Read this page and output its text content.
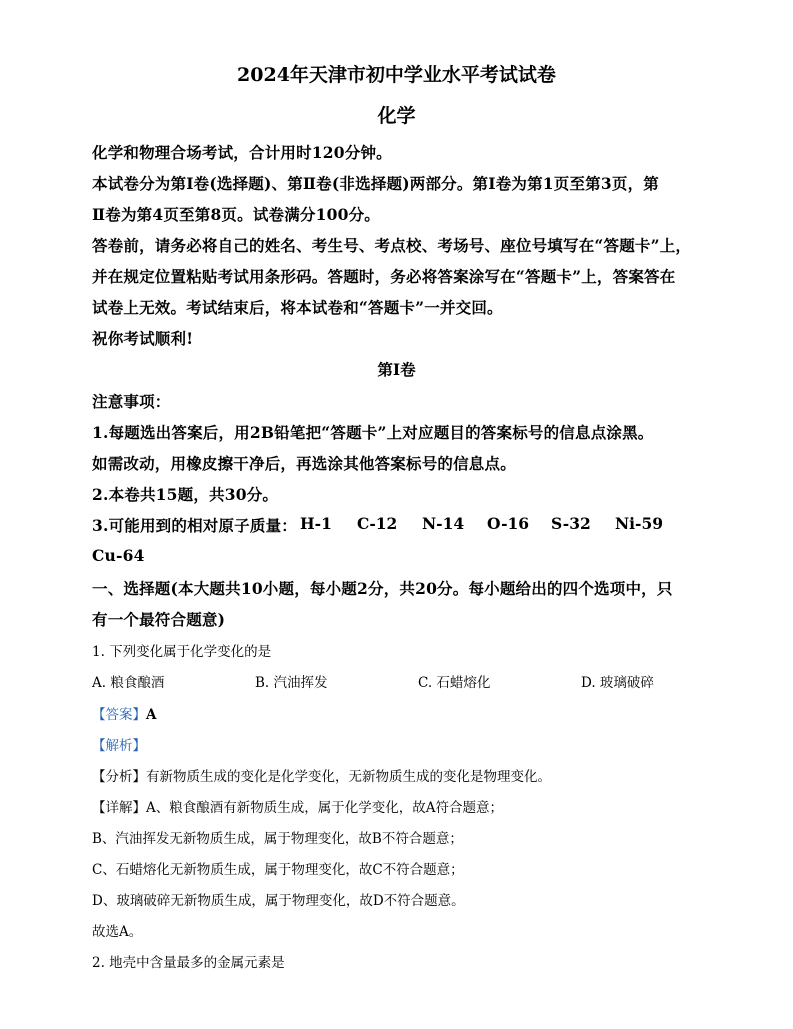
2024年天津市初中学业水平考试试卷
化学
化学和物理合场考试，合计用时120分钟。
本试卷分为第Ⅰ卷(选择题)、第Ⅱ卷(非选择题)两部分。第Ⅰ卷为第1页至第3页，第
Ⅱ卷为第4页至第8页。试卷满分100分。
答卷前，请务必将自己的姓名、考生号、考点校、考场号、座位号填写在“答题卡”上，
并在规定位置粘贴考试用条形码。答题时，务必将答案涂写在“答题卡”上，答案答在
试卷上无效。考试结束后，将本试卷和“答题卡”一并交回。
祝你考试顺利!
第Ⅰ卷
注意事项：
1.每题选出答案后，用2B铅笔把“答题卡”上对应题目的答案标号的信息点涂黑。
如需改动，用橡皮擦干净后，再选涂其他答案标号的信息点。
2.本卷共15题，共30分。
3.可能用到的相对原子质量： H-1 C-12 N-14 O-16 S-32 Ni-59
Cu-64
一、选择题(本大题共10小题，每小题2分，共20分。每小题给出的四个选项中，只
有一个最符合题意)
1. 下列变化属于化学变化的是
A. 粮食酿酒	B. 汽油挥发	C. 石蜡熔化	D. 玻璃破碎
【答案】A
【解析】
【分析】有新物质生成的变化是化学变化，无新物质生成的变化是物理变化。
【详解】A、粮食酿酒有新物质生成，属于化学变化，故A符合题意；
B、汽油挥发无新物质生成，属于物理变化，故B不符合题意；
C、石蜡熔化无新物质生成，属于物理变化，故C不符合题意；
D、玻璃破碎无新物质生成，属于物理变化，故D不符合题意。
故选A。
2. 地壳中含量最多的金属元素是
